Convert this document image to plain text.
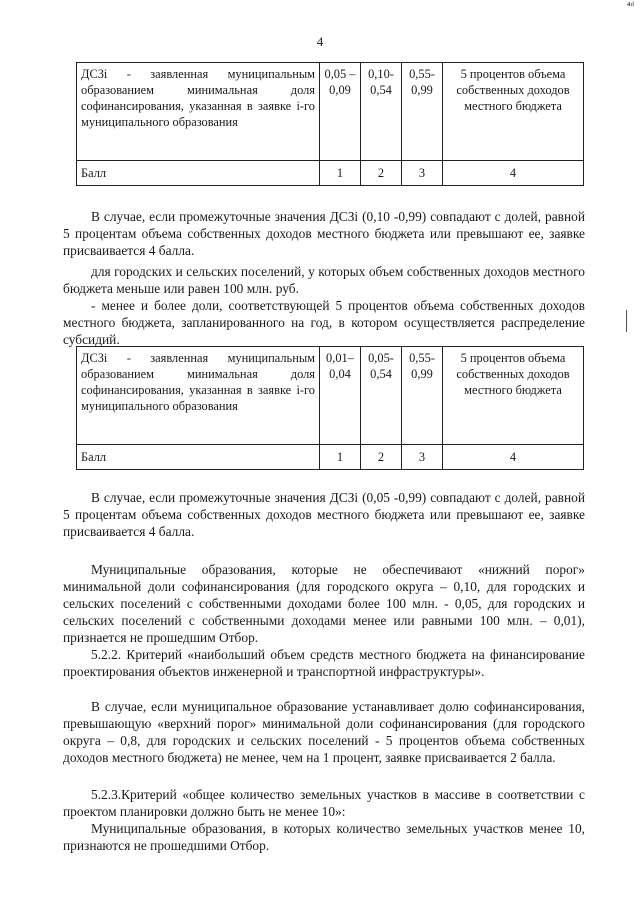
⁴ᵈ
4
ДСЗi - заявленная муниципальным образованием минимальная доля софинансирования, указанная в заявке i-го муниципального образования	0,05 – 0,09	0,10- 0,54	0,55- 0,99	5 процентов объема собственных доходов местного бюджета
Балл	1	2	3	4

В случае, если промежуточные значения ДСЗi (0,10 -0,99) совпадают с долей, равной 5 процентам объема собственных доходов местного бюджета или превышают ее, заявке присваивается 4 балла.

для городских и сельских поселений, у которых объем собственных доходов местного бюджета меньше или равен 100 млн. руб.

- менее и более доли, соответствующей 5 процентов объема собственных доходов местного бюджета, запланированного на год, в котором осуществляется распределение субсидий.

ДСЗi - заявленная муниципальным образованием минимальная доля софинансирования, указанная в заявке i-го муниципального образования	0,01– 0,04	0,05- 0,54	0,55- 0,99	5 процентов объема собственных доходов местного бюджета
Балл	1	2	3	4

В случае, если промежуточные значения ДСЗi (0,05 -0,99) совпадают с долей, равной 5 процентам объема собственных доходов местного бюджета или превышают ее, заявке присваивается 4 балла.

Муниципальные образования, которые не обеспечивают «нижний порог» минимальной доли софинансирования (для городского округа – 0,10, для городских и сельских поселений с собственными доходами более 100 млн. - 0,05, для городских и сельских поселений с собственными доходами менее или равными 100 млн. – 0,01), признается не прошедшим Отбор.

5.2.2. Критерий «наибольший объем средств местного бюджета на финансирование проектирования объектов инженерной и транспортной инфраструктуры».

В случае, если муниципальное образование устанавливает долю софинансирования, превышающую «верхний порог» минимальной доли софинансирования (для городского округа – 0,8, для городских и сельских поселений - 5 процентов объема собственных доходов местного бюджета) не менее, чем на 1 процент, заявке присваивается 2 балла.

5.2.3.Критерий «общее количество земельных участков в массиве в соответствии с проектом планировки должно быть не менее 10»:

Муниципальные образования, в которых количество земельных участков менее 10, признаются не прошедшими Отбор.
